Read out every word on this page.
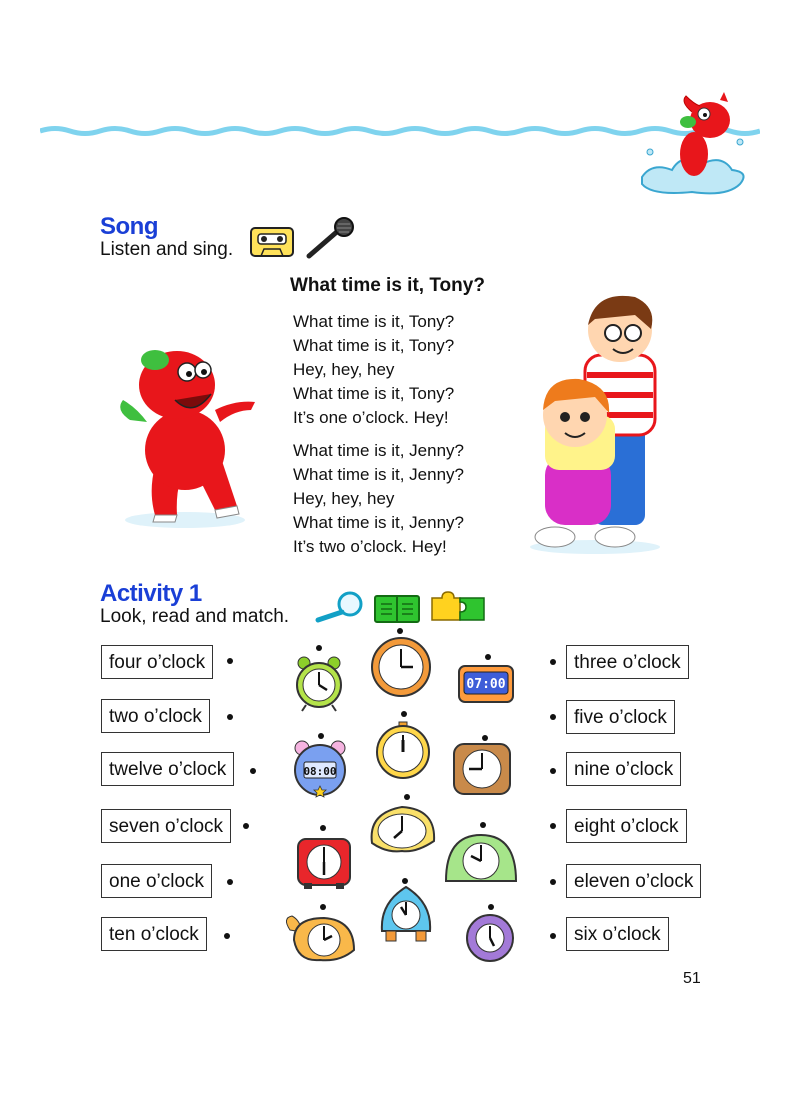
Song
Listen and sing.
What time is it, Tony?
What time is it, Tony?
What time is it, Tony?
Hey, hey, hey
What time is it, Tony?
It’s one o’clock. Hey!
What time is it, Jenny?
What time is it, Jenny?
Hey, hey, hey
What time is it, Jenny?
It’s two o’clock. Hey!
Activity 1
Look, read and match.
four o’clock
two o’clock
twelve o’clock
seven o’clock
one o’clock
ten o’clock
three o’clock
five o’clock
nine o’clock
eight o’clock
eleven o’clock
six o’clock
07:00
08:00
51
